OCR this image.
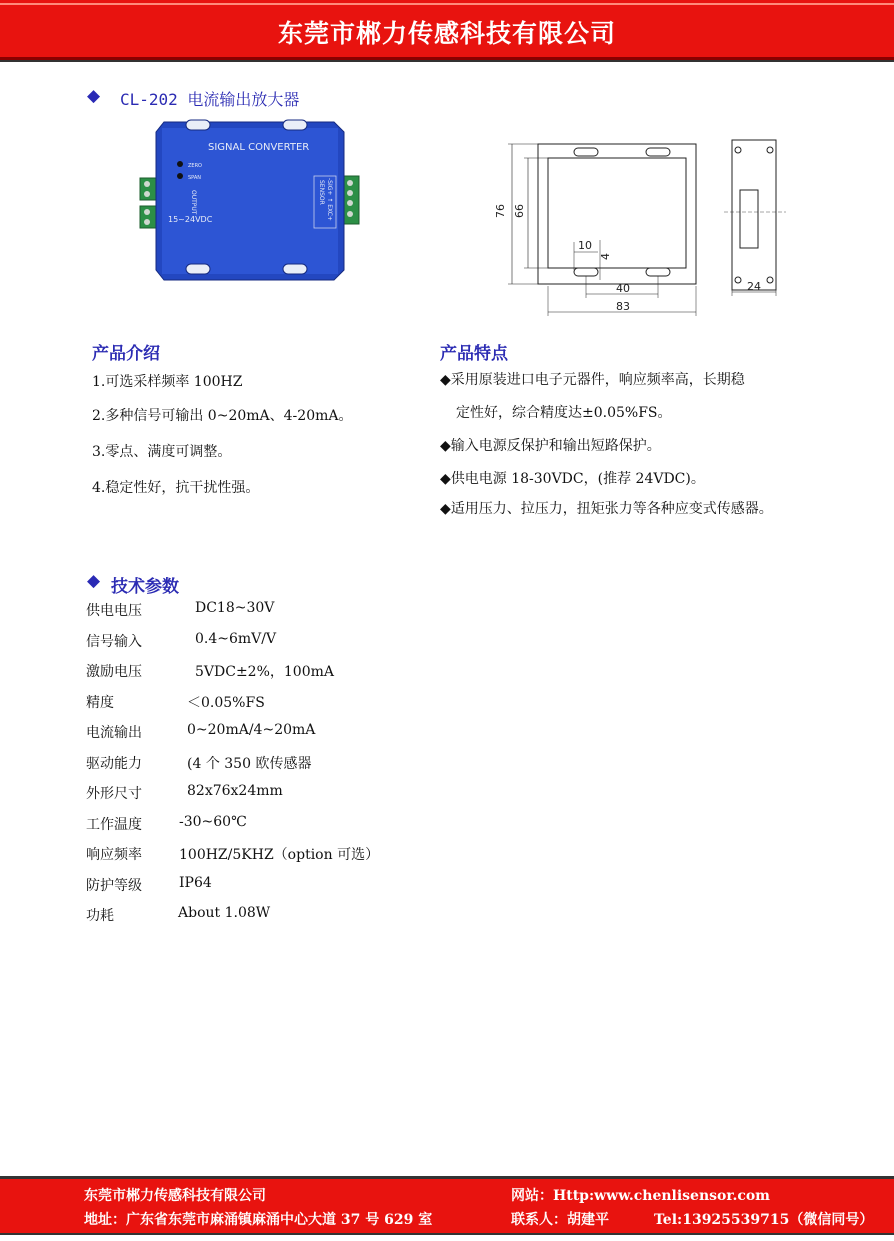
东莞市郴力传感科技有限公司
◆ CL-202 电流输出放大器
SIGNAL CONVERTER
ZERO
SPAN
OUTPUT
15~24VDC
SENSOR -SIG+ ↑ EXC+	76 66
10
4
40
83
24
产品介绍
1.可选采样频率 100HZ
2.多种信号可输出 0~20mA、4-20mA。
3.零点、满度可调整。
4.稳定性好，抗干扰性强。
产品特点
◆采用原装进口电子元器件，响应频率高，长期稳
定性好，综合精度达±0.05%FS。
◆输入电源反保护和输出短路保护。
◆供电电源 18-30VDC，(推荐 24VDC)。
◆适用压力、拉压力，扭矩张力等各种应变式传感器。
◆ 技术参数
供电电压	DC18~30V
信号输入	0.4~6mV/V
激励电压	5VDC±2%，100mA
精度	＜0.05%FS
电流输出	0~20mA/4~20mA
驱动能力	(4 个 350 欧传感器
外形尺寸	82x76x24mm
工作温度	-30~60℃
响应频率	100HZ/5KHZ（option 可选）
防护等级	IP64
功耗	About 1.08W
东莞市郴力传感科技有限公司	网站：Http:www.chenlisensor.com
地址：广东省东莞市麻涌镇麻涌中心大道 37 号 629 室	联系人：胡建平	Tel:13925539715（微信同号）
